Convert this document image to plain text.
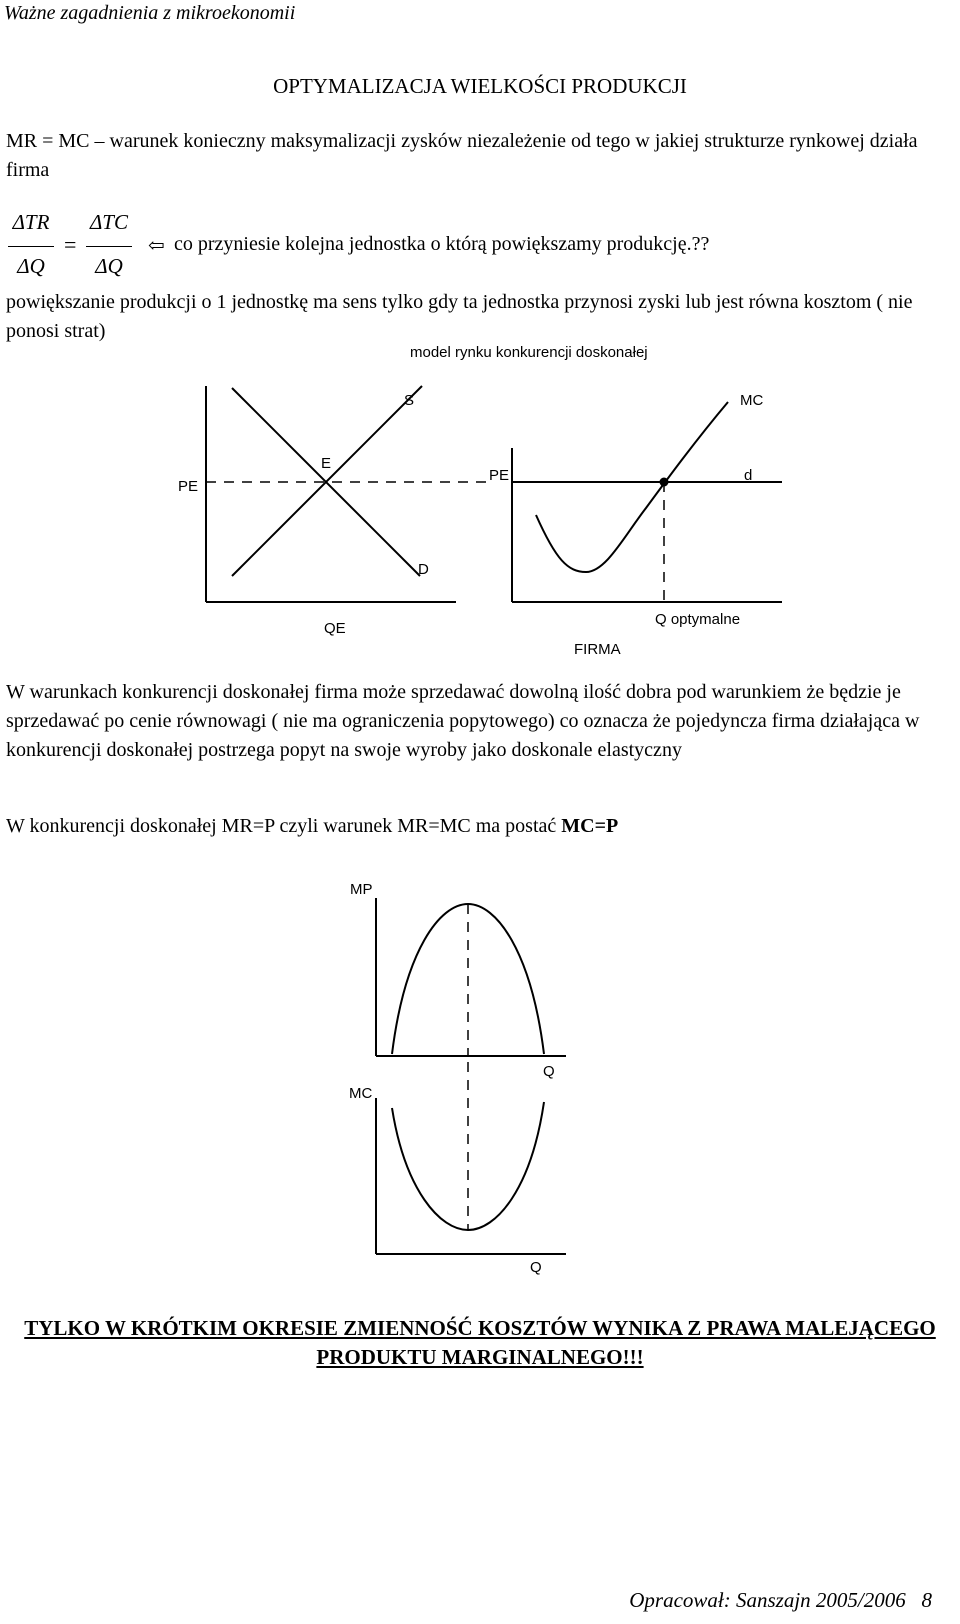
Ważne zagadnienia z mikroekonomii
OPTYMALIZACJA WIELKOŚCI PRODUKCJI
MR = MC – warunek konieczny maksymalizacji zysków niezależenie od tego w jakiej strukturze rynkowej działa firma
ΔTR
ΔQ
=
ΔTC
ΔQ
⇦ co przyniesie kolejna jednostka o którą powiększamy produkcję.??
powiększanie produkcji o 1 jednostkę ma sens tylko gdy ta jednostka przynosi zyski lub jest równa kosztom ( nie ponosi strat)
model rynku konkurencji doskonałej
PE
S
E
D
QE
PE
MC
d
Q optymalne
FIRMA
W warunkach konkurencji doskonałej firma może sprzedawać dowolną ilość dobra pod warunkiem że będzie je sprzedawać po cenie równowagi ( nie ma ograniczenia popytowego) co oznacza że pojedyncza firma działająca w konkurencji doskonałej postrzega popyt na swoje wyroby jako doskonale elastyczny
W konkurencji doskonałej MR=P czyli warunek MR=MC ma postać MC=P
MP
Q
MC
Q
TYLKO W KRÓTKIM OKRESIE ZMIENNOŚĆ KOSZTÓW WYNIKA Z PRAWA MALEJĄCEGO PRODUKTU MARGINALNEGO!!!
Opracował: Sanszajn 2005/2006 8
